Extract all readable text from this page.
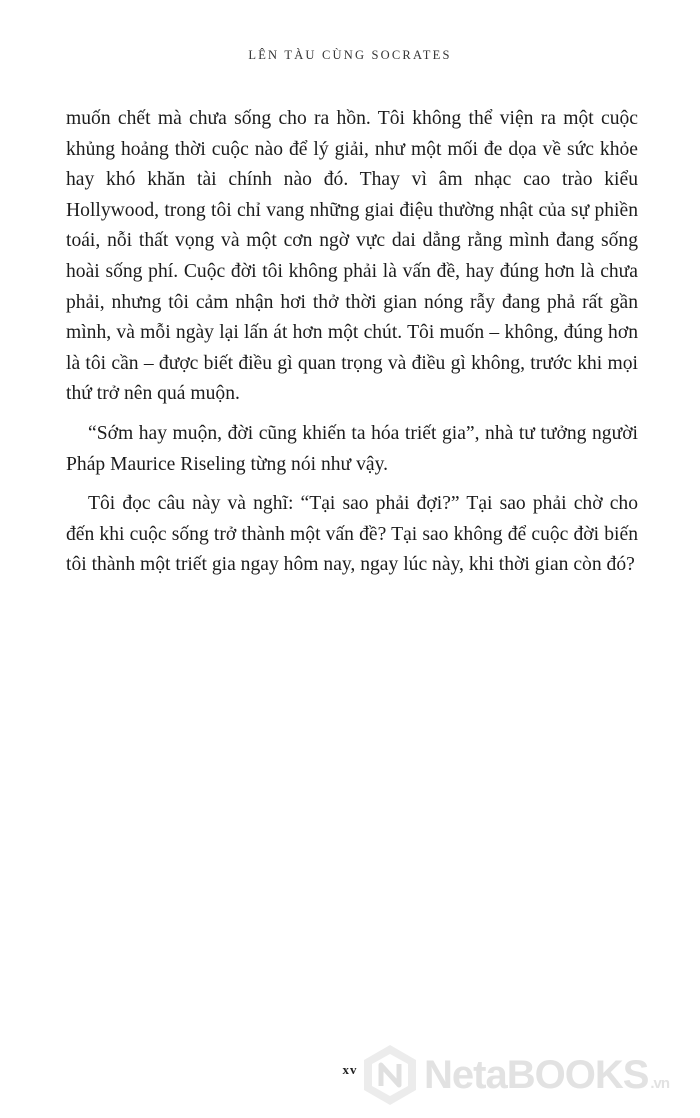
LÊN TÀU CÙNG SOCRATES

muốn chết mà chưa sống cho ra hồn. Tôi không thể viện ra một cuộc khủng hoảng thời cuộc nào để lý giải, như một mối đe dọa về sức khỏe hay khó khăn tài chính nào đó. Thay vì âm nhạc cao trào kiểu Hollywood, trong tôi chỉ vang những giai điệu thường nhật của sự phiền toái, nỗi thất vọng và một cơn ngờ vực dai dẳng rằng mình đang sống hoài sống phí. Cuộc đời tôi không phải là vấn đề, hay đúng hơn là chưa phải, nhưng tôi cảm nhận hơi thở thời gian nóng rẫy đang phả rất gần mình, và mỗi ngày lại lấn át hơn một chút. Tôi muốn – không, đúng hơn là tôi cần – được biết điều gì quan trọng và điều gì không, trước khi mọi thứ trở nên quá muộn.

“Sớm hay muộn, đời cũng khiến ta hóa triết gia”, nhà tư tưởng người Pháp Maurice Riseling từng nói như vậy.

Tôi đọc câu này và nghĩ: “Tại sao phải đợi?” Tại sao phải chờ cho đến khi cuộc sống trở thành một vấn đề? Tại sao không để cuộc đời biến tôi thành một triết gia ngay hôm nay, ngay lúc này, khi thời gian còn đó?

xv	NetaBOOKS .vn
